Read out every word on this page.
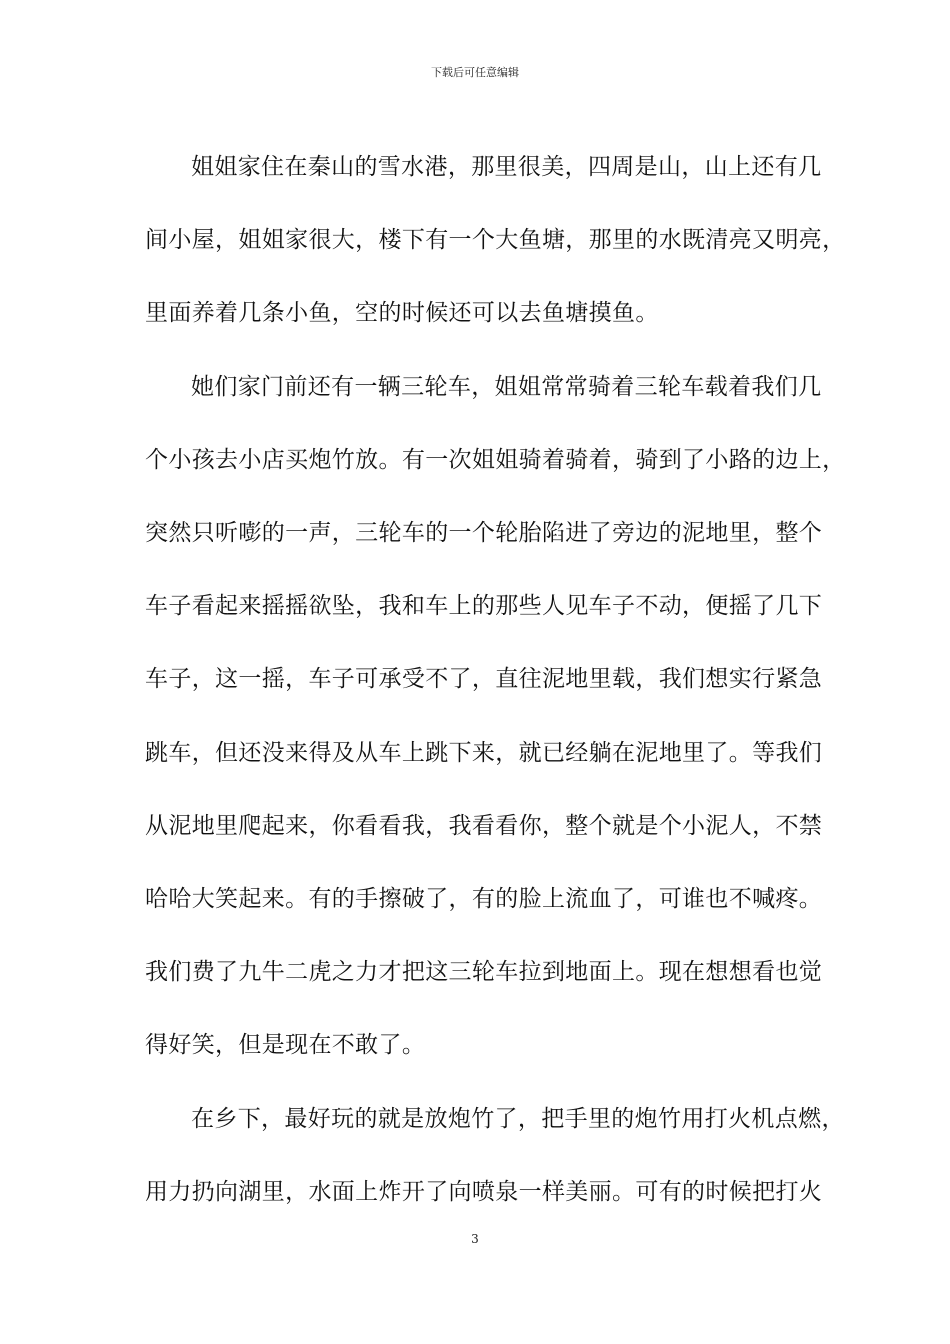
下载后可任意编辑

姐姐家住在秦山的雪水港，那里很美，四周是山，山上还有几
间小屋，姐姐家很大，楼下有一个大鱼塘，那里的水既清亮又明亮，
里面养着几条小鱼，空的时候还可以去鱼塘摸鱼。

她们家门前还有一辆三轮车，姐姐常常骑着三轮车载着我们几
个小孩去小店买炮竹放。有一次姐姐骑着骑着，骑到了小路的边上，
突然只听嘭的一声，三轮车的一个轮胎陷进了旁边的泥地里，整个
车子看起来摇摇欲坠，我和车上的那些人见车子不动，便摇了几下
车子，这一摇，车子可承受不了，直往泥地里载，我们想实行紧急
跳车，但还没来得及从车上跳下来，就已经躺在泥地里了。等我们
从泥地里爬起来，你看看我，我看看你，整个就是个小泥人，不禁
哈哈大笑起来。有的手擦破了，有的脸上流血了，可谁也不喊疼。
我们费了九牛二虎之力才把这三轮车拉到地面上。现在想想看也觉
得好笑，但是现在不敢了。

在乡下，最好玩的就是放炮竹了，把手里的炮竹用打火机点燃，
用力扔向湖里，水面上炸开了向喷泉一样美丽。可有的时候把打火

3
